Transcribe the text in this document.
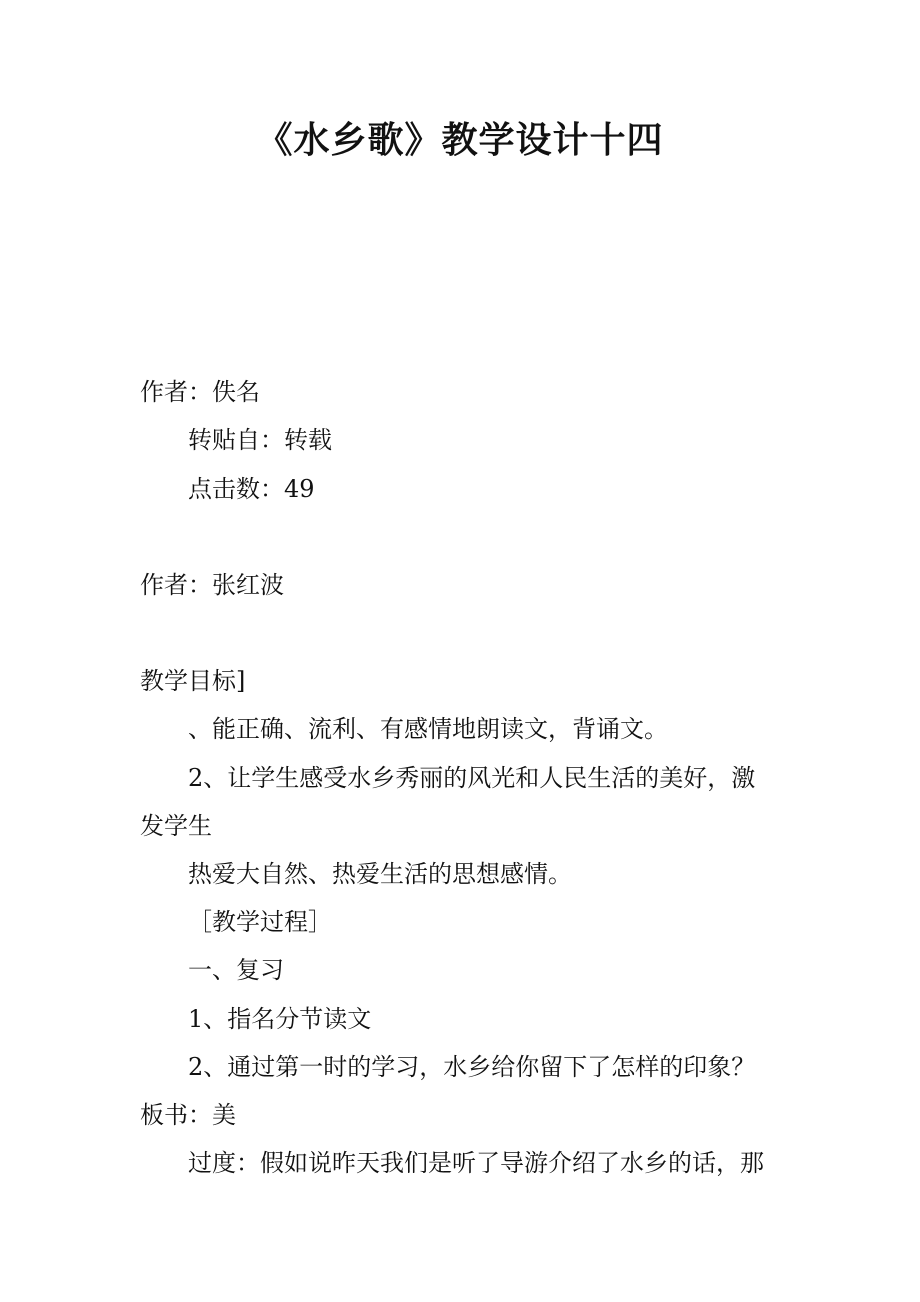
《水乡歌》教学设计十四

作者：佚名

转贴自：转载

点击数：49

作者：张红波

教学目标]

、能正确、流利、有感情地朗读文，背诵文。

2、让学生感受水乡秀丽的风光和人民生活的美好，激

发学生

热爱大自然、热爱生活的思想感情。

［教学过程］

一、复习

1、指名分节读文

2、通过第一时的学习，水乡给你留下了怎样的印象？

板书：美

过度：假如说昨天我们是听了导游介绍了水乡的话，那
